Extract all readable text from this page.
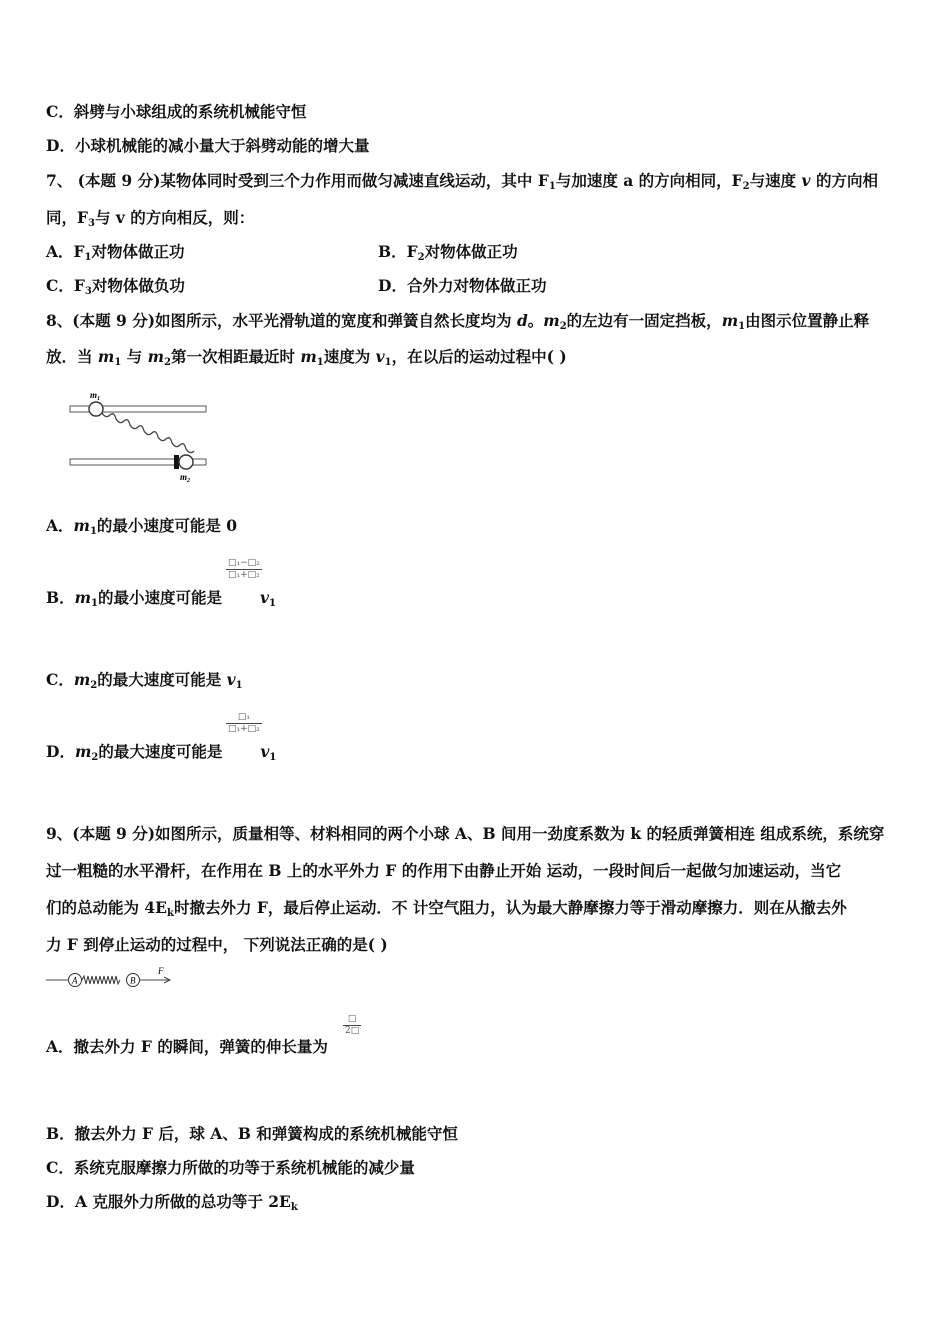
C．斜劈与小球组成的系统机械能守恒
D．小球机械能的减小量大于斜劈动能的增大量
7、 (本题 9 分)某物体同时受到三个力作用而做匀减速直线运动，其中 $F_1$与加速度 a 的方向相同，$F_2$与速度 v 的方向相
同，$F_3$与 v 的方向相反，则：
A．$F_1$对物体做正功	B．$F_2$对物体做正功
C．$F_3$对物体做负功	D．合外力对物体做正功
8、(本题 9 分)如图所示，水平光滑轨道的宽度和弹簧自然长度均为 d。$m_2$的左边有一固定挡板，$m_1$由图示位置静止释
放．当 $m_1$ 与 $m_2$第一次相距最近时 $m_1$速度为 $v_1$，在以后的运动过程中( )
$m_1$
$m_2$
A．$m_1$的最小速度可能是 0
□₁−□₂
□₁+□₂
B．$m_1$的最小速度可能是 $v_1$
C．$m_2$的最大速度可能是 $v_1$
□₁
□₁+□₂
D．$m_2$的最大速度可能是 $v_1$
9、(本题 9 分)如图所示，质量相等、材料相同的两个小球 A、B 间用一劲度系数为 k 的轻质弹簧相连 组成系统，系统穿
过一粗糙的水平滑杆，在作用在 B 上的水平外力 F 的作用下由静止开始 运动，一段时间后一起做匀加速运动，当它
们的总动能为 $4E_k$时撤去外力 F，最后停止运动．不 计空气阻力，认为最大静摩擦力等于滑动摩擦力．则在从撤去外
力 F 到停止运动的过程中， 下列说法正确的是( )
A	B
F
□
2□
A．撤去外力 F 的瞬间，弹簧的伸长量为
B．撤去外力 F 后，球 A、B 和弹簧构成的系统机械能守恒
C．系统克服摩擦力所做的功等于系统机械能的减少量
D．A 克服外力所做的总功等于 $2E_k$
